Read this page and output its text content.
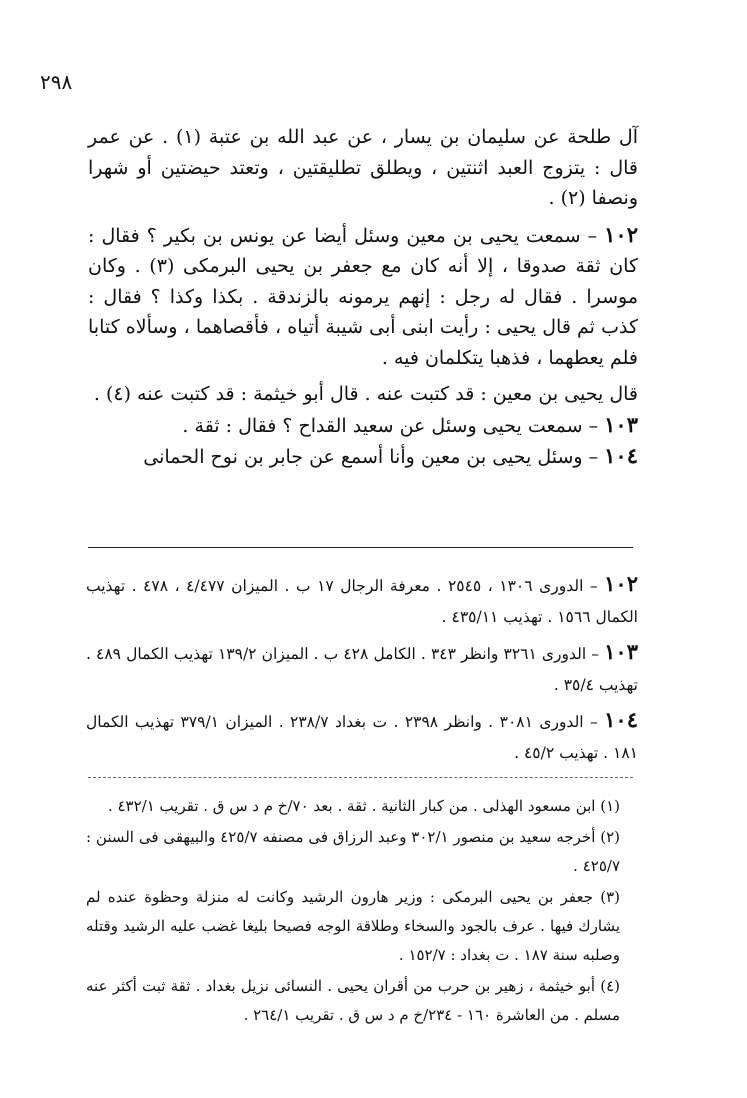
٢٩٨

آل طلحة عن سليمان بن يسار ، عن عبد الله بن عتبة (١) . عن عمر قال : يتزوج العبد اثنتين ، ويطلق تطليقتين ، وتعتد حيضتين أو شهرا ونصفا (٢) .

١٠٢ – سمعت يحيى بن معين وسئل أيضا عن يونس بن بكير ؟ فقال : كان ثقة صدوقا ، إلا أنه كان مع جعفر بن يحيى البرمكى (٣) . وكان موسرا . فقال له رجل : إنهم يرمونه بالزندقة . بكذا وكذا ؟ فقال : كذب ثم قال يحيى : رأيت ابنى أبى شيبة أتياه ، فأقصاهما ، وسألاه كتابا فلم يعطهما ، فذهبا يتكلمان فيه .

قال يحيى بن معين : قد كتبت عنه . قال أبو خيثمة : قد كتبت عنه (٤) .

١٠٣ – سمعت يحيى وسئل عن سعيد القداح ؟ فقال : ثقة .

١٠٤ – وسئل يحيى بن معين وأنا أسمع عن جابر بن نوح الحمانى

١٠٢ – الدورى ١٣٠٦ ، ٢٥٤٥ . معرفة الرجال ١٧ ب . الميزان ٤/٤٧٧ ، ٤٧٨ . تهذيب الكمال ١٥٦٦ . تهذيب ٤٣٥/١١ .

١٠٣ – الدورى ٣٢٦١ وانظر ٣٤٣ . الكامل ٤٢٨ ب . الميزان ١٣٩/٢ تهذيب الكمال ٤٨٩ . تهذيب ٣٥/٤ .

١٠٤ – الدورى ٣٠٨١ . وانظر ٢٣٩٨ . ت بغداد ٢٣٨/٧ . الميزان ٣٧٩/١ تهذيب الكمال ١٨١ . تهذيب ٤٥/٢ .

(١) ابن مسعود الهذلى . من كبار الثانية . ثقة . بعد ٧٠/خ م د س ق . تقريب ٤٣٢/١ .

(٢) أخرجه سعيد بن منصور ٣٠٢/١ وعبد الرزاق فى مصنفه ٤٢٥/٧ والبيهقى فى السنن : ٤٢٥/٧ .

(٣) جعفر بن يحيى البرمكى : وزير هارون الرشيد وكانت له منزلة وحظوة عنده لم يشارك فيها . عرف بالجود والسخاء وطلاقة الوجه فصيحا بليغا غضب عليه الرشيد وقتله وصلبه سنة ١٨٧ . ت بغداد : ١٥٢/٧ .

(٤) أبو خيثمة ، زهير بن حرب من أقران يحيى . النسائى نزيل بغداد . ثقة ثبت أكثر عنه مسلم . من العاشرة ١٦٠ - ٢٣٤/خ م د س ق . تقريب ٢٦٤/١ .
